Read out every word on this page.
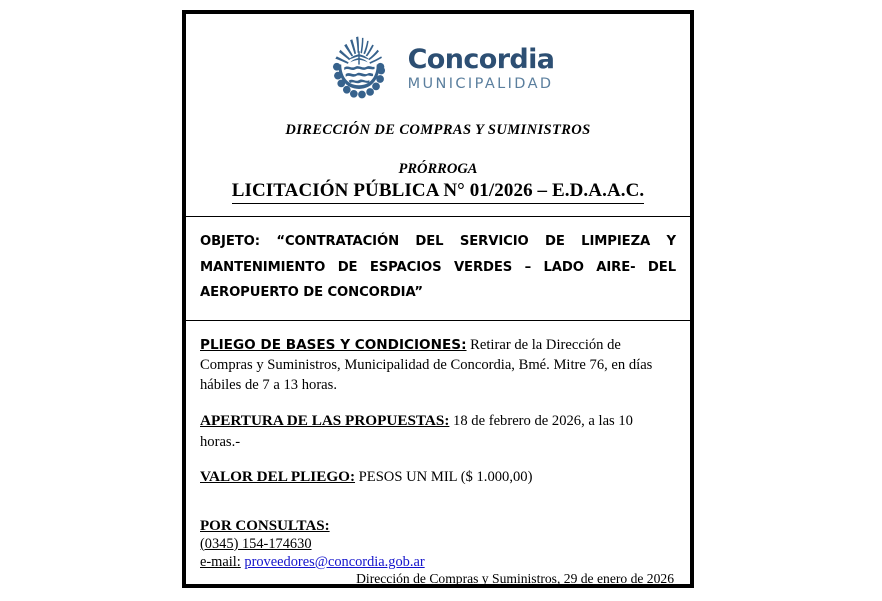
Concordia
MUNICIPALIDAD
DIRECCIÓN DE COMPRAS Y SUMINISTROS
PRÓRROGA
LICITACIÓN PÚBLICA N° 01/2026 – E.D.A.A.C.
OBJETO: “CONTRATACIÓN DEL SERVICIO DE LIMPIEZA Y MANTENIMIENTO DE ESPACIOS VERDES – LADO AIRE- DEL AEROPUERTO DE CONCORDIA”
PLIEGO DE BASES Y CONDICIONES: Retirar de la Dirección de Compras y Suministros, Municipalidad de Concordia, Bmé. Mitre 76, en días hábiles de 7 a 13 horas.
APERTURA DE LAS PROPUESTAS: 18 de febrero de 2026, a las 10 horas.-
VALOR DEL PLIEGO: PESOS UN MIL ($ 1.000,00)
POR CONSULTAS:
(0345) 154-174630
e-mail: proveedores@concordia.gob.ar
Dirección de Compras y Suministros, 29 de enero de 2026
